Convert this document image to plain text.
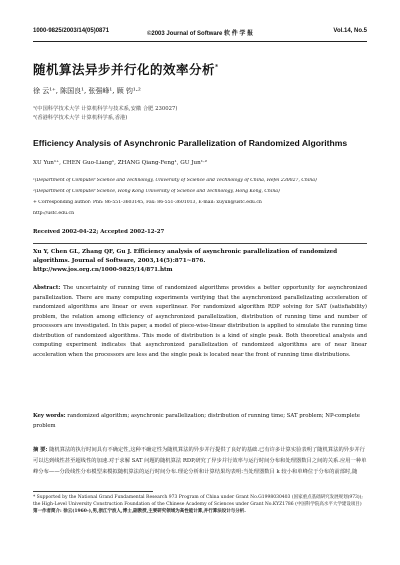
1000-9825/2003/14(05)0871	©2003 Journal of Software 软 件 学 报	Vol.14, No.5
随机算法异步并行化的效率分析*
徐 云¹⁺, 陈国良¹, 张强峰¹, 顾 钧¹·²
¹(中国科学技术大学 计算机科学与技术系,安徽 合肥 230027)
²(香港科学技术大学 计算机科学系,香港)
Efficiency Analysis of Asynchronic Parallelization of Randomized Algorithms
XU Yun¹⁺, CHEN Guo-Liang¹, ZHANG Qiang-Feng¹, GU Jun¹·²
¹(Department of Computer Science and Technology, University of Science and Technology of China, Hefei 230027, China)
²(Department of Computer Science, Hong Kong University of Science and Technology, Hong Kong, China)
+ Corresponding author: Phn: 86-551-3603145, Fax: 86-551-3601013, E-mail: xuyun@ustc.edu.cn
http://ustc.edu.cn
Received 2002-04-22; Accepted 2002-12-27
Xu Y, Chen GL, Zhang QF, Gu J. Efficiency analysis of asynchronic parallelization of randomized algorithms. Journal of Software, 2003,14(5):871~876.
http://www.jos.org.cn/1000-9825/14/871.htm
Abstract: The uncertainty of running time of randomized algorithms provides a better opportunity for asynchronized parallelization. There are many computing experiments verifying that the asynchronized parallelizating acceleration of randomized algorithms are linear or even superlinear. For randomized algorithm RDP solving for SAT (satisfiability) problem, the relation among efficiency of asynchronized parallelization, distribution of running time and number of processors are investigated. In this paper, a model of piece-wise-linear distribution is applied to simulate the running time distribution of randomized algorithms. This mode of distribution is a kind of single peak. Both theoretical analysis and computing experiment indicates that asynchronized parallelization of randomized algorithms are of near linear acceleration when the processors are less and the single peak is located near the front of running time distributions.
Key words: randomized algorithm; asynchronic parallelization; distribution of running time; SAT problem; NP-complete problem
摘 要: 随机算法的执行时间具有不确定性,这种不确定性为随机算法的异步并行提供了良好的基础.已有许多计算实验表明了随机算法的异步并行可以达到线性甚至超线性的加速.对于求解 SAT 问题的随机算法 RDP,研究了异步并行效率与运行时间分布和处理器数目之间的关系.应用一种单峰分布——分段线性分布模型来模拟随机算法的运行时间分布.理论分析和计算结果均表明:当处理器数目 k 较小和单峰位于分布的前部时,随
* Supported by the National Grand Fundamental Research 973 Program of China under Grant No.G1998030403 (国家重点基础研究发展规划(973)); the High-Level University Construction Foundation of the Chinese Academy of Sciences under Grant No.KYZ1786 (中国科学院高水平大学建设项目)
第一作者简介: 徐云(1960-),男,浙江宁波人,博士,副教授,主要研究领域为高性能计算,并行算法设计与分析.
